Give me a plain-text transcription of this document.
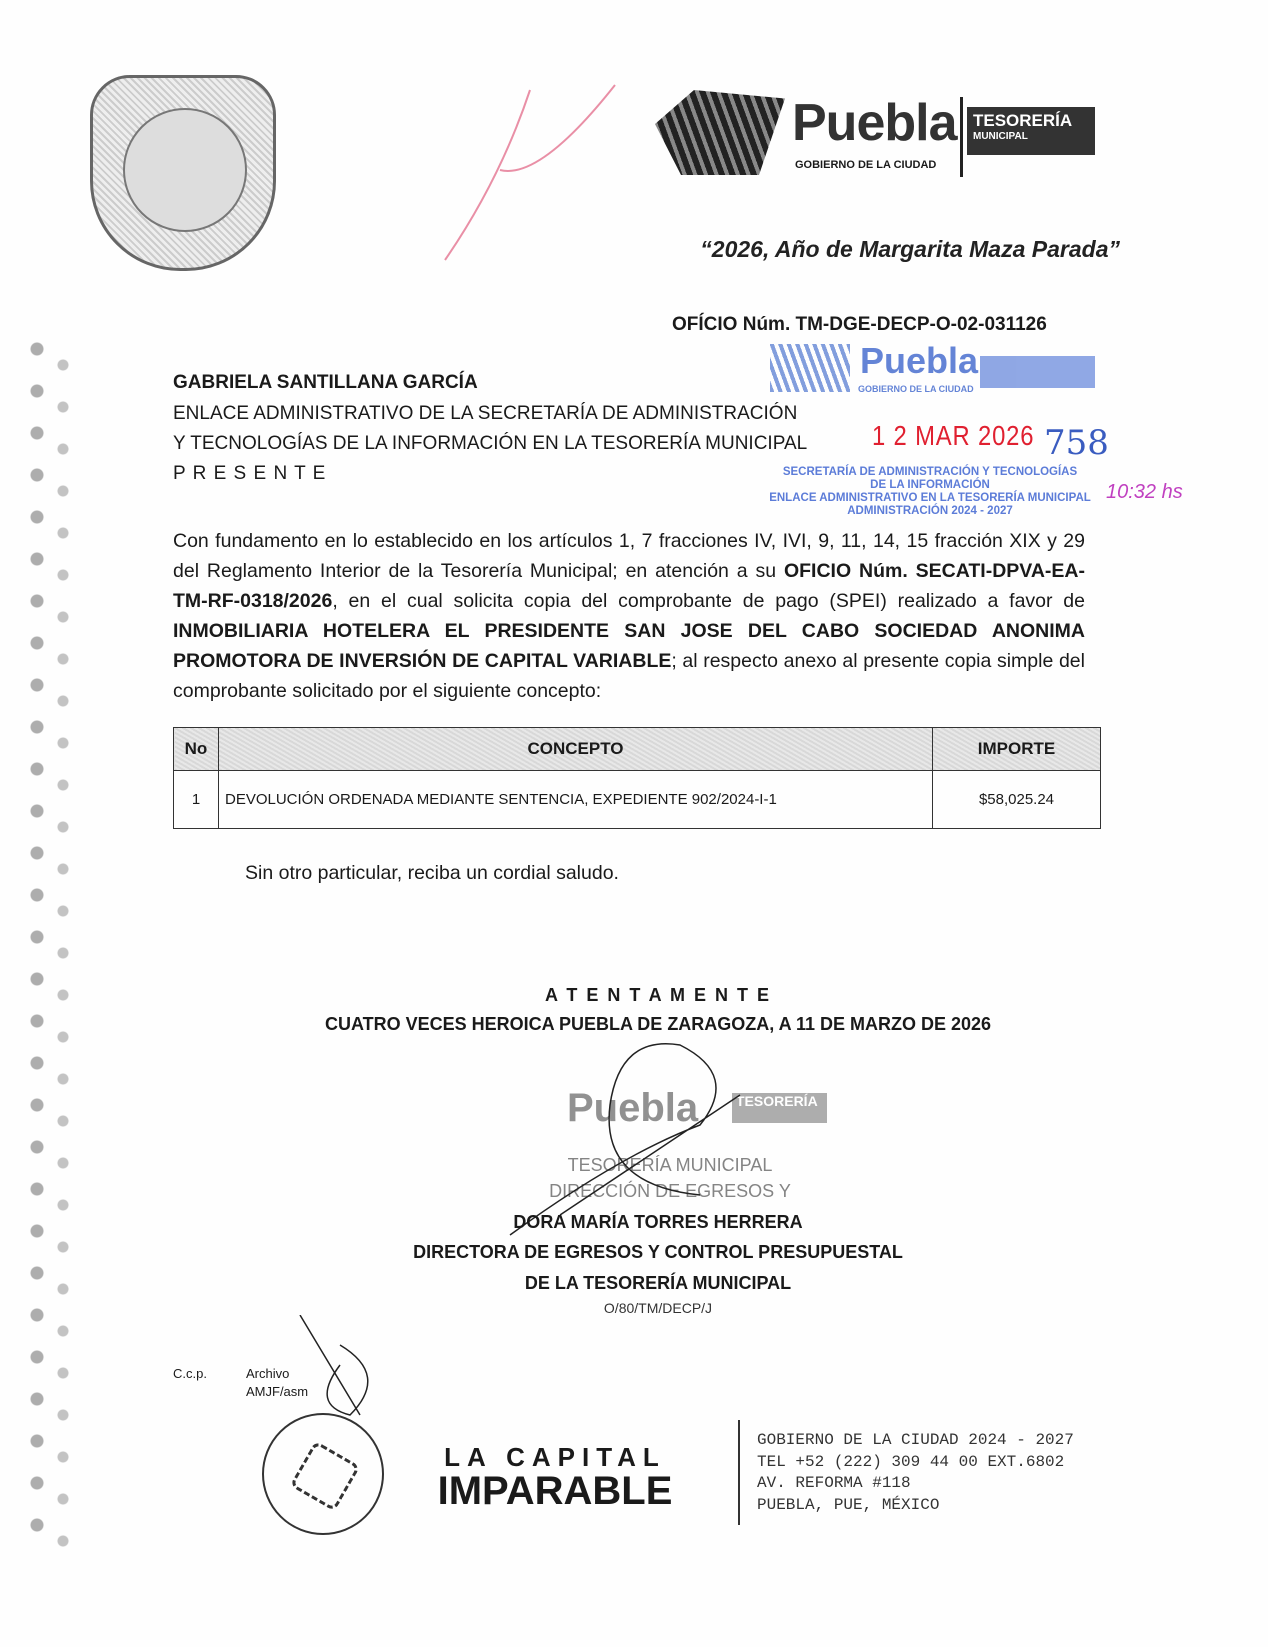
Puebla
GOBIERNO DE LA CIUDAD
TESORERÍA
MUNICIPAL
“2026, Año de Margarita Maza Parada”
OFÍCIO Núm. TM-DGE-DECP-O-02-031126
Puebla
GOBIERNO DE LA CIUDAD
GABRIELA SANTILLANA GARCÍA
ENLACE ADMINISTRATIVO DE LA SECRETARÍA DE ADMINISTRACIÓN
Y TECNOLOGÍAS DE LA INFORMACIÓN EN LA TESORERÍA MUNICIPAL
P R E S E N T E
1 2 MAR 2026 758
SECRETARÍA DE ADMINISTRACIÓN Y TECNOLOGÍAS
DE LA INFORMACIÓN
ENLACE ADMINISTRATIVO EN LA TESORERÍA MUNICIPAL
ADMINISTRACIÓN 2024 - 2027
10:32 hs
Con fundamento en lo establecido en los artículos 1, 7 fracciones IV, IVI, 9, 11, 14, 15 fracción XIX y 29 del Reglamento Interior de la Tesorería Municipal; en atención a su OFICIO Núm. SECATI-DPVA-EA-TM-RF-0318/2026, en el cual solicita copia del comprobante de pago (SPEI) realizado a favor de INMOBILIARIA HOTELERA EL PRESIDENTE SAN JOSE DEL CABO SOCIEDAD ANONIMA PROMOTORA DE INVERSIÓN DE CAPITAL VARIABLE; al respecto anexo al presente copia simple del comprobante solicitado por el siguiente concepto:
No	CONCEPTO	IMPORTE
1	DEVOLUCIÓN ORDENADA MEDIANTE SENTENCIA, EXPEDIENTE 902/2024-I-1	$58,025.24
Sin otro particular, reciba un cordial saludo.
A T E N T A M E N T E
CUATRO VECES HEROICA PUEBLA DE ZARAGOZA, A 11 DE MARZO DE 2026
Puebla	TESORERÍA
TESORERÍA MUNICIPAL
DIRECCIÓN DE EGRESOS Y
DORA MARÍA TORRES HERRERA
DIRECTORA DE EGRESOS Y CONTROL PRESUPUESTAL
DE LA TESORERÍA MUNICIPAL
O/80/TM/DECP/J
C.c.p.	Archivo
AMJF/asm
LA CAPITAL
IMPARABLE
GOBIERNO DE LA CIUDAD 2024 - 2027
TEL +52 (222) 309 44 00 EXT.6802
AV. REFORMA #118
PUEBLA, PUE, MÉXICO
